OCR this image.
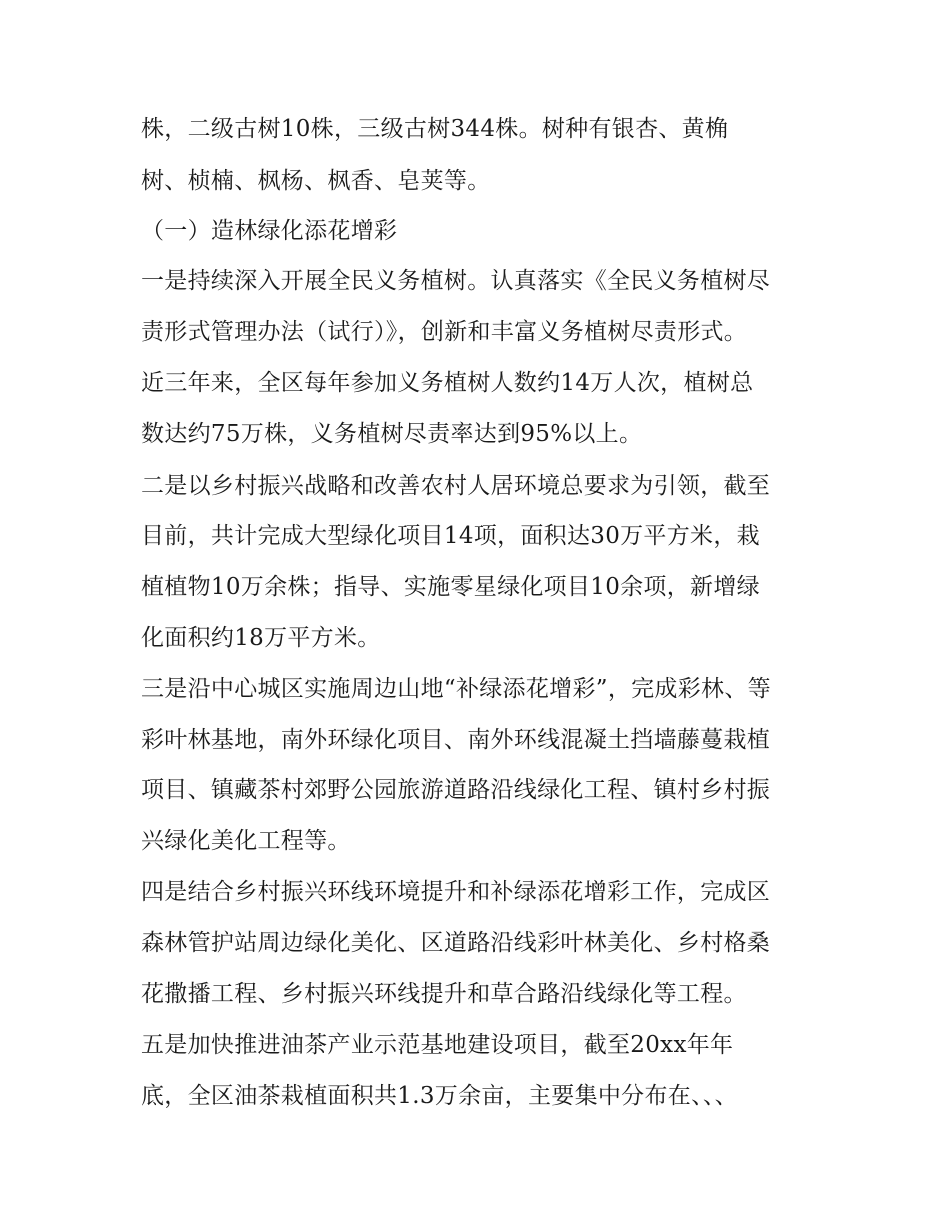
株，二级古树10株，三级古树344株。树种有银杏、黄桷
树、桢楠、枫杨、枫香、皂荚等。
（一）造林绿化添花增彩
一是持续深入开展全民义务植树。认真落实《全民义务植树尽
责形式管理办法（试行）》，创新和丰富义务植树尽责形式。
近三年来，全区每年参加义务植树人数约14万人次，植树总
数达约75万株，义务植树尽责率达到95%以上。
二是以乡村振兴战略和改善农村人居环境总要求为引领，截至
目前，共计完成大型绿化项目14项，面积达30万平方米，栽
植植物10万余株；指导、实施零星绿化项目10余项，新增绿
化面积约18万平方米。
三是沿中心城区实施周边山地“补绿添花增彩”，完成彩林、等
彩叶林基地，南外环绿化项目、南外环线混凝土挡墙藤蔓栽植
项目、镇藏茶村郊野公园旅游道路沿线绿化工程、镇村乡村振
兴绿化美化工程等。
四是结合乡村振兴环线环境提升和补绿添花增彩工作，完成区
森林管护站周边绿化美化、区道路沿线彩叶林美化、乡村格桑
花撒播工程、乡村振兴环线提升和草合路沿线绿化等工程。
五是加快推进油茶产业示范基地建设项目，截至20xx年年
底，全区油茶栽植面积共1.3万余亩，主要集中分布在、、、
